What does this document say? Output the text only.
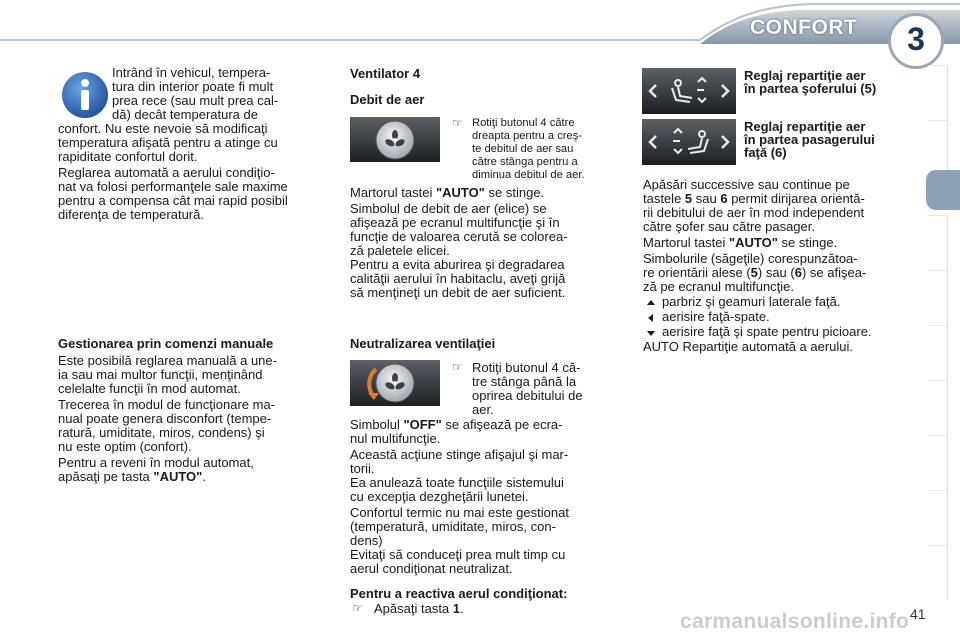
CONFORT	3

Intrând în vehicul, tempera-

tura din interior poate fi mult

prea rece (sau mult prea cal-

dă) decât temperatura de

confort. Nu este nevoie să modificaţi

temperatura afişată pentru a atinge cu

rapiditate confortul dorit.

Reglarea automată a aerului condiţio-

nat va folosi performanţele sale maxime

pentru a compensa cât mai rapid posibil

diferenţa de temperatură.

Gestionarea prin comenzi manuale

Este posibilă reglarea manuală a une-

ia sau mai multor funcţii, menţinând

celelalte funcţii în mod automat.

Trecerea în modul de funcţionare ma-

nual poate genera disconfort (tempe-

ratură, umiditate, miros, condens) şi

nu este optim (confort).

Pentru a reveni în modul automat,

apăsaţi pe tasta "AUTO".

Ventilator 4

Debit de aer

☞ Rotiţi butonul 4 către

dreapta pentru a creş-

te debitul de aer sau

către stânga pentru a

diminua debitul de aer.

Martorul tastei "AUTO" se stinge.

Simbolul de debit de aer (elice) se

afişează pe ecranul multifuncţie şi în

funcţie de valoarea cerută se colorea-

ză paletele elicei.

Pentru a evita aburirea şi degradarea

calităţii aerului în habitaclu, aveţi grijă

să menţineţi un debit de aer suficient.

Neutralizarea ventilaţiei

☞ Rotiţi butonul 4 că-

tre stânga până la

oprirea debitului de

aer.

Simbolul "OFF" se afişează pe ecra-

nul multifuncţie.

Această acţiune stinge afişajul şi mar-

torii.

Ea anulează toate funcţiile sistemului

cu excepţia dezgheţării lunetei.

Confortul termic nu mai este gestionat

(temperatură, umiditate, miros, con-

dens)

Evitaţi să conduceţi prea mult timp cu

aerul condiţionat neutralizat.

Pentru a reactiva aerul condiţionat:

☞ Apăsaţi tasta 1.

Reglaj repartiţie aer

în partea şoferului (5)

Reglaj repartiţie aer

în partea pasagerului

faţă (6)

Apăsări successive sau continue pe

tastele 5 sau 6 permit dirijarea orientă-

rii debitului de aer în mod independent

către şofer sau către pasager.

Martorul tastei "AUTO" se stinge.

Simbolurile (săgeţile) corespunzătoa-

re orientării alese (5) sau (6) se afişea-

ză pe ecranul multifuncţie.

parbriz şi geamuri laterale faţă.
aerisire faţă-spate.
aerisire faţă şi spate pentru picioare.

AUTO Repartiţie automată a aerului.

carmanualsonline.info 41
